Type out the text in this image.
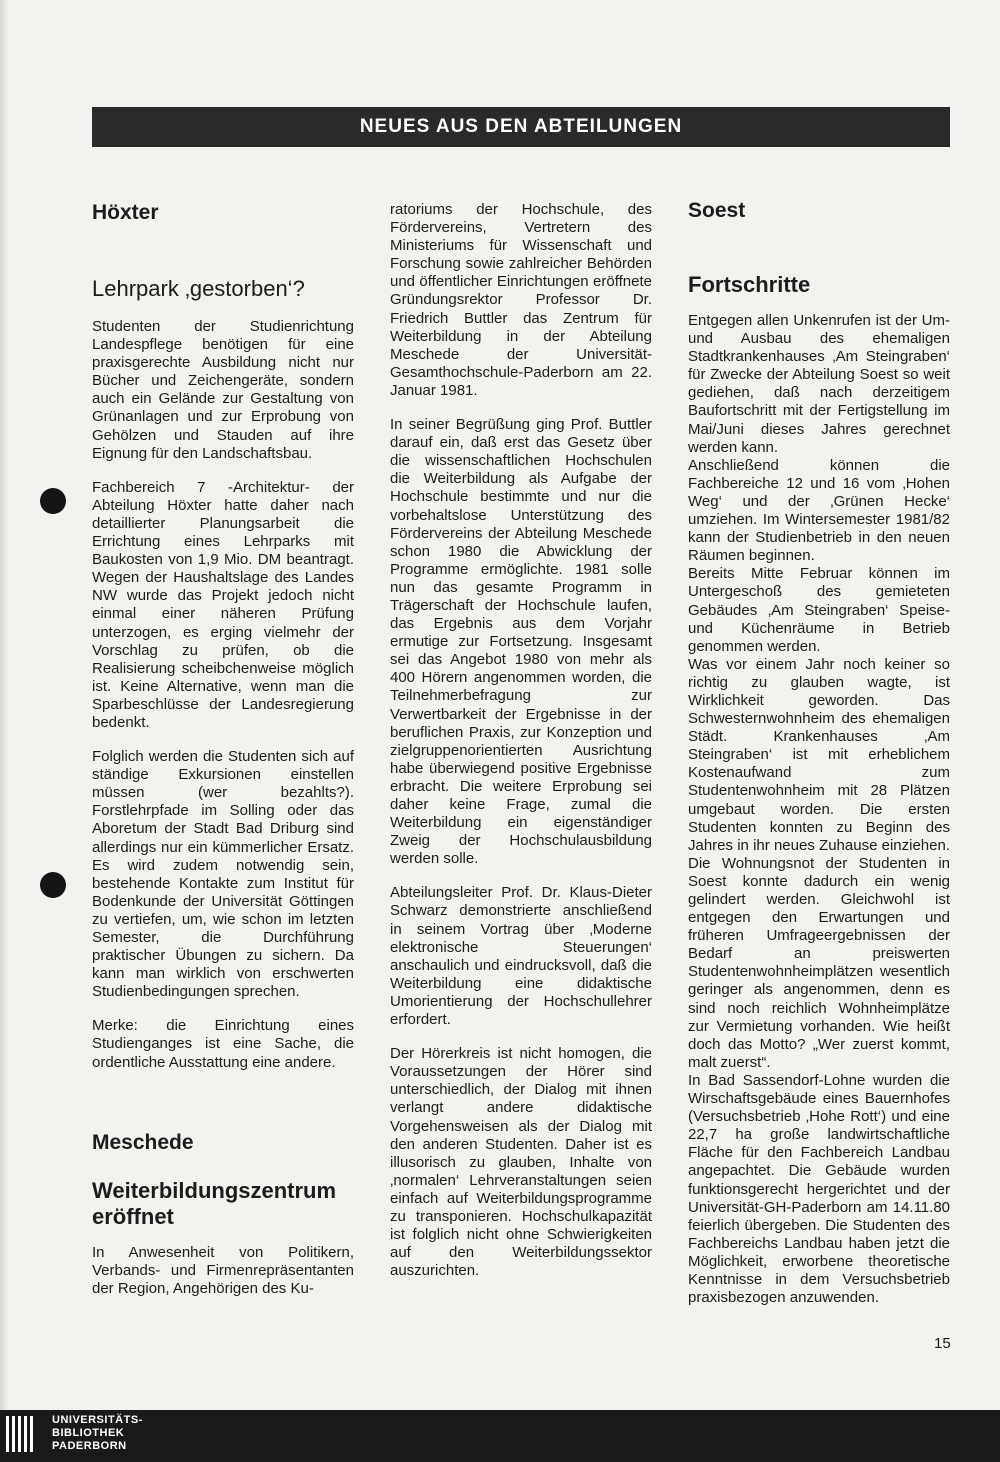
NEUES AUS DEN ABTEILUNGEN
Höxter
Lehrpark ‚gestorben‘?

Studenten der Studienrichtung Landespflege benötigen für eine praxisgerechte Ausbildung nicht nur Bücher und Zeichengeräte, sondern auch ein Gelände zur Gestaltung von Grünanlagen und zur Erprobung von Gehölzen und Stauden auf ihre Eignung für den Landschaftsbau.

Fachbereich 7 -Architektur- der Abteilung Höxter hatte daher nach detaillierter Planungsarbeit die Errichtung eines Lehrparks mit Baukosten von 1,9 Mio. DM beantragt. Wegen der Haushaltslage des Landes NW wurde das Projekt jedoch nicht einmal einer näheren Prüfung unterzogen, es erging vielmehr der Vorschlag zu prüfen, ob die Realisierung scheibchenweise möglich ist. Keine Alternative, wenn man die Sparbeschlüsse der Landesregierung bedenkt.

Folglich werden die Studenten sich auf ständige Exkursionen einstellen müssen (wer bezahlts?). Forstlehrpfade im Solling oder das Aboretum der Stadt Bad Driburg sind allerdings nur ein kümmerlicher Ersatz. Es wird zudem notwendig sein, bestehende Kontakte zum Institut für Bodenkunde der Universität Göttingen zu vertiefen, um, wie schon im letzten Semester, die Durchführung praktischer Übungen zu sichern. Da kann man wirklich von erschwerten Studienbedingungen sprechen.

Merke: die Einrichtung eines Studienganges ist eine Sache, die ordentliche Ausstattung eine andere.

Meschede
Weiterbildungszentrum eröffnet

In Anwesenheit von Politikern, Verbands- und Firmenrepräsentanten der Region, Angehörigen des Ku-

ratoriums der Hochschule, des Fördervereins, Vertretern des Ministeriums für Wissenschaft und Forschung sowie zahlreicher Behörden und öffentlicher Einrichtungen eröffnete Gründungsrektor Professor Dr. Friedrich Buttler das Zentrum für Weiterbildung in der Abteilung Meschede der Universität-Gesamthochschule-Paderborn am 22. Januar 1981.

In seiner Begrüßung ging Prof. Buttler darauf ein, daß erst das Gesetz über die wissenschaftlichen Hochschulen die Weiterbildung als Aufgabe der Hochschule bestimmte und nur die vorbehaltslose Unterstützung des Fördervereins der Abteilung Meschede schon 1980 die Abwicklung der Programme ermöglichte. 1981 solle nun das gesamte Programm in Trägerschaft der Hochschule laufen, das Ergebnis aus dem Vorjahr ermutige zur Fortsetzung. Insgesamt sei das Angebot 1980 von mehr als 400 Hörern angenommen worden, die Teilnehmerbefragung zur Verwertbarkeit der Ergebnisse in der beruflichen Praxis, zur Konzeption und zielgruppenorientierten Ausrichtung habe überwiegend positive Ergebnisse erbracht. Die weitere Erprobung sei daher keine Frage, zumal die Weiterbildung ein eigenständiger Zweig der Hochschulausbildung werden solle.

Abteilungsleiter Prof. Dr. Klaus-Dieter Schwarz demonstrierte anschließend in seinem Vortrag über ‚Moderne elektronische Steuerungen‘ anschaulich und eindrucksvoll, daß die Weiterbildung eine didaktische Umorientierung der Hochschullehrer erfordert.

Der Hörerkreis ist nicht homogen, die Voraussetzungen der Hörer sind unterschiedlich, der Dialog mit ihnen verlangt andere didaktische Vorgehensweisen als der Dialog mit den anderen Studenten. Daher ist es illusorisch zu glauben, Inhalte von ‚normalen‘ Lehrveranstaltungen seien einfach auf Weiterbildungsprogramme zu transponieren. Hochschulkapazität ist folglich nicht ohne Schwierigkeiten auf den Weiterbildungssektor auszurichten.

Soest
Fortschritte

Entgegen allen Unkenrufen ist der Um- und Ausbau des ehemaligen Stadtkrankenhauses ‚Am Steingraben‘ für Zwecke der Abteilung Soest so weit gediehen, daß nach derzeitigem Baufortschritt mit der Fertigstellung im Mai/Juni dieses Jahres gerechnet werden kann.

Anschließend können die Fachbereiche 12 und 16 vom ‚Hohen Weg‘ und der ‚Grünen Hecke‘ umziehen. Im Wintersemester 1981/82 kann der Studienbetrieb in den neuen Räumen beginnen.

Bereits Mitte Februar können im Untergeschoß des gemieteten Gebäudes ‚Am Steingraben‘ Speise- und Küchenräume in Betrieb genommen werden.

Was vor einem Jahr noch keiner so richtig zu glauben wagte, ist Wirklichkeit geworden. Das Schwesternwohnheim des ehemaligen Städt. Krankenhauses ‚Am Steingraben‘ ist mit erheblichem Kostenaufwand zum Studentenwohnheim mit 28 Plätzen umgebaut worden. Die ersten Studenten konnten zu Beginn des Jahres in ihr neues Zuhause einziehen. Die Wohnungsnot der Studenten in Soest konnte dadurch ein wenig gelindert werden. Gleichwohl ist entgegen den Erwartungen und früheren Umfrageergebnissen der Bedarf an preiswerten Studentenwohnheimplätzen wesentlich geringer als angenommen, denn es sind noch reichlich Wohnheimplätze zur Vermietung vorhanden. Wie heißt doch das Motto? „Wer zuerst kommt, malt zuerst“.

In Bad Sassendorf-Lohne wurden die Wirschaftsgebäude eines Bauernhofes (Versuchsbetrieb ‚Hohe Rott‘) und eine 22,7 ha große landwirtschaftliche Fläche für den Fachbereich Landbau angepachtet. Die Gebäude wurden funktionsgerecht hergerichtet und der Universität-GH-Paderborn am 14.11.80 feierlich übergeben. Die Studenten des Fachbereichs Landbau haben jetzt die Möglichkeit, erworbene theoretische Kenntnisse in dem Versuchsbetrieb praxisbezogen anzuwenden.

15
UNIVERSITÄTS-
BIBLIOTHEK
PADERBORN
